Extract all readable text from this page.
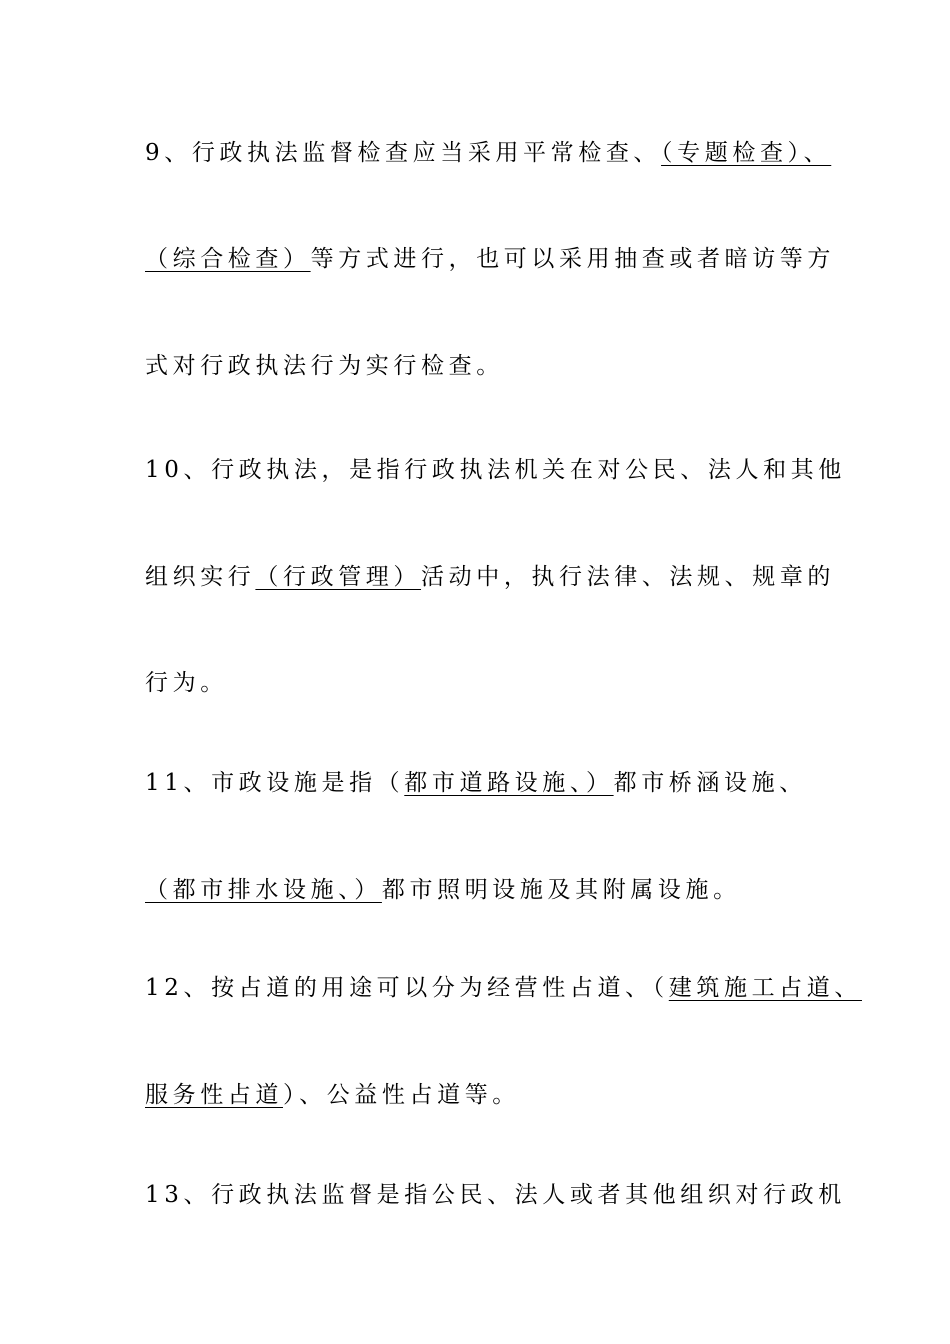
9、行政执法监督检查应当采用平常检查、（专题检查）、
（综合检查）等方式进行，也可以采用抽查或者暗访等方
式对行政执法行为实行检查。
10、行政执法，是指行政执法机关在对公民、法人和其他
组织实行（行政管理）活动中，执行法律、法规、规章的
行为。
11、市政设施是指（都市道路设施、）都市桥涵设施、
（都市排水设施、）都市照明设施及其附属设施。
12、按占道的用途可以分为经营性占道、（建筑施工占道、
服务性占道）、公益性占道等。
13、行政执法监督是指公民、法人或者其他组织对行政机
